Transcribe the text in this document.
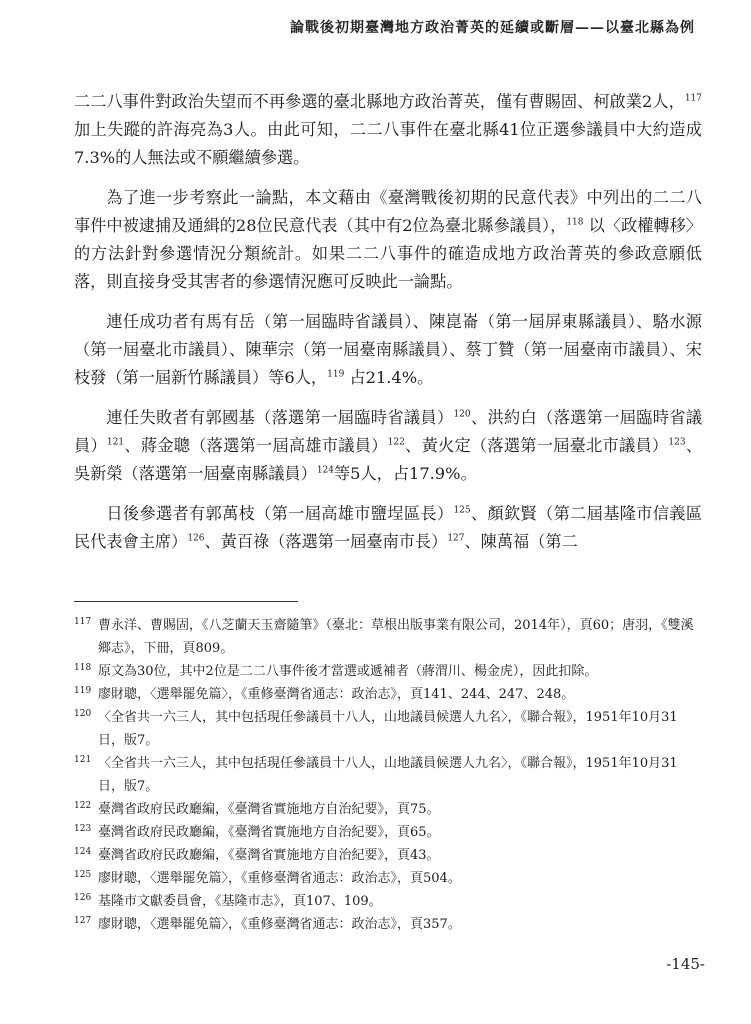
論戰後初期臺灣地方政治菁英的延續或斷層——以臺北縣為例

二二八事件對政治失望而不再參選的臺北縣地方政治菁英，僅有曹賜固、柯啟業2人，$^{117}$ 加上失蹤的許海亮為3人。由此可知，二二八事件在臺北縣41位正選參議員中大約造成7.3%的人無法或不願繼續參選。

為了進一步考察此一論點，本文藉由《臺灣戰後初期的民意代表》中列出的二二八事件中被逮捕及通緝的28位民意代表（其中有2位為臺北縣參議員），$^{118}$ 以〈政權轉移〉的方法針對參選情況分類統計。如果二二八事件的確造成地方政治菁英的參政意願低落，則直接身受其害者的參選情況應可反映此一論點。

連任成功者有馬有岳（第一屆臨時省議員）、陳崑崙（第一屆屏東縣議員）、駱水源（第一屆臺北市議員）、陳華宗（第一屆臺南縣議員）、蔡丁贊（第一屆臺南市議員）、宋枝發（第一屆新竹縣議員）等6人，$^{119}$ 占21.4%。

連任失敗者有郭國基（落選第一屆臨時省議員）$^{120}$、洪約白（落選第一屆臨時省議員）$^{121}$、蔣金聰（落選第一屆高雄市議員）$^{122}$、黃火定（落選第一屆臺北市議員）$^{123}$、吳新榮（落選第一屆臺南縣議員）$^{124}$等5人，占17.9%。

日後參選者有郭萬枝（第一屆高雄市鹽埕區長）$^{125}$、顏欽賢（第二屆基隆市信義區民代表會主席）$^{126}$、黃百祿（落選第一屆臺南市長）$^{127}$、陳萬福（第二

117 曹永洋、曹賜固，《八芝蘭天玉齋隨筆》（臺北：草根出版事業有限公司，2014年），頁60；唐羽，《雙溪鄉志》，下冊，頁809。

118 原文為30位，其中2位是二二八事件後才當選或遞補者（蔣渭川、楊金虎），因此扣除。

119 廖財聰，〈選舉罷免篇〉，《重修臺灣省通志：政治志》，頁141、244、247、248。

120 〈全省共一六三人，其中包括現任參議員十八人，山地議員候選人九名〉，《聯合報》，1951年10月31日，版7。

121 〈全省共一六三人，其中包括現任參議員十八人，山地議員候選人九名〉，《聯合報》，1951年10月31日，版7。

122 臺灣省政府民政廳編，《臺灣省實施地方自治紀要》，頁75。

123 臺灣省政府民政廳編，《臺灣省實施地方自治紀要》，頁65。

124 臺灣省政府民政廳編，《臺灣省實施地方自治紀要》，頁43。

125 廖財聰，〈選舉罷免篇〉，《重修臺灣省通志：政治志》，頁504。

126 基隆市文獻委員會，《基隆市志》，頁107、109。

127 廖財聰，〈選舉罷免篇〉，《重修臺灣省通志：政治志》，頁357。

-145-
